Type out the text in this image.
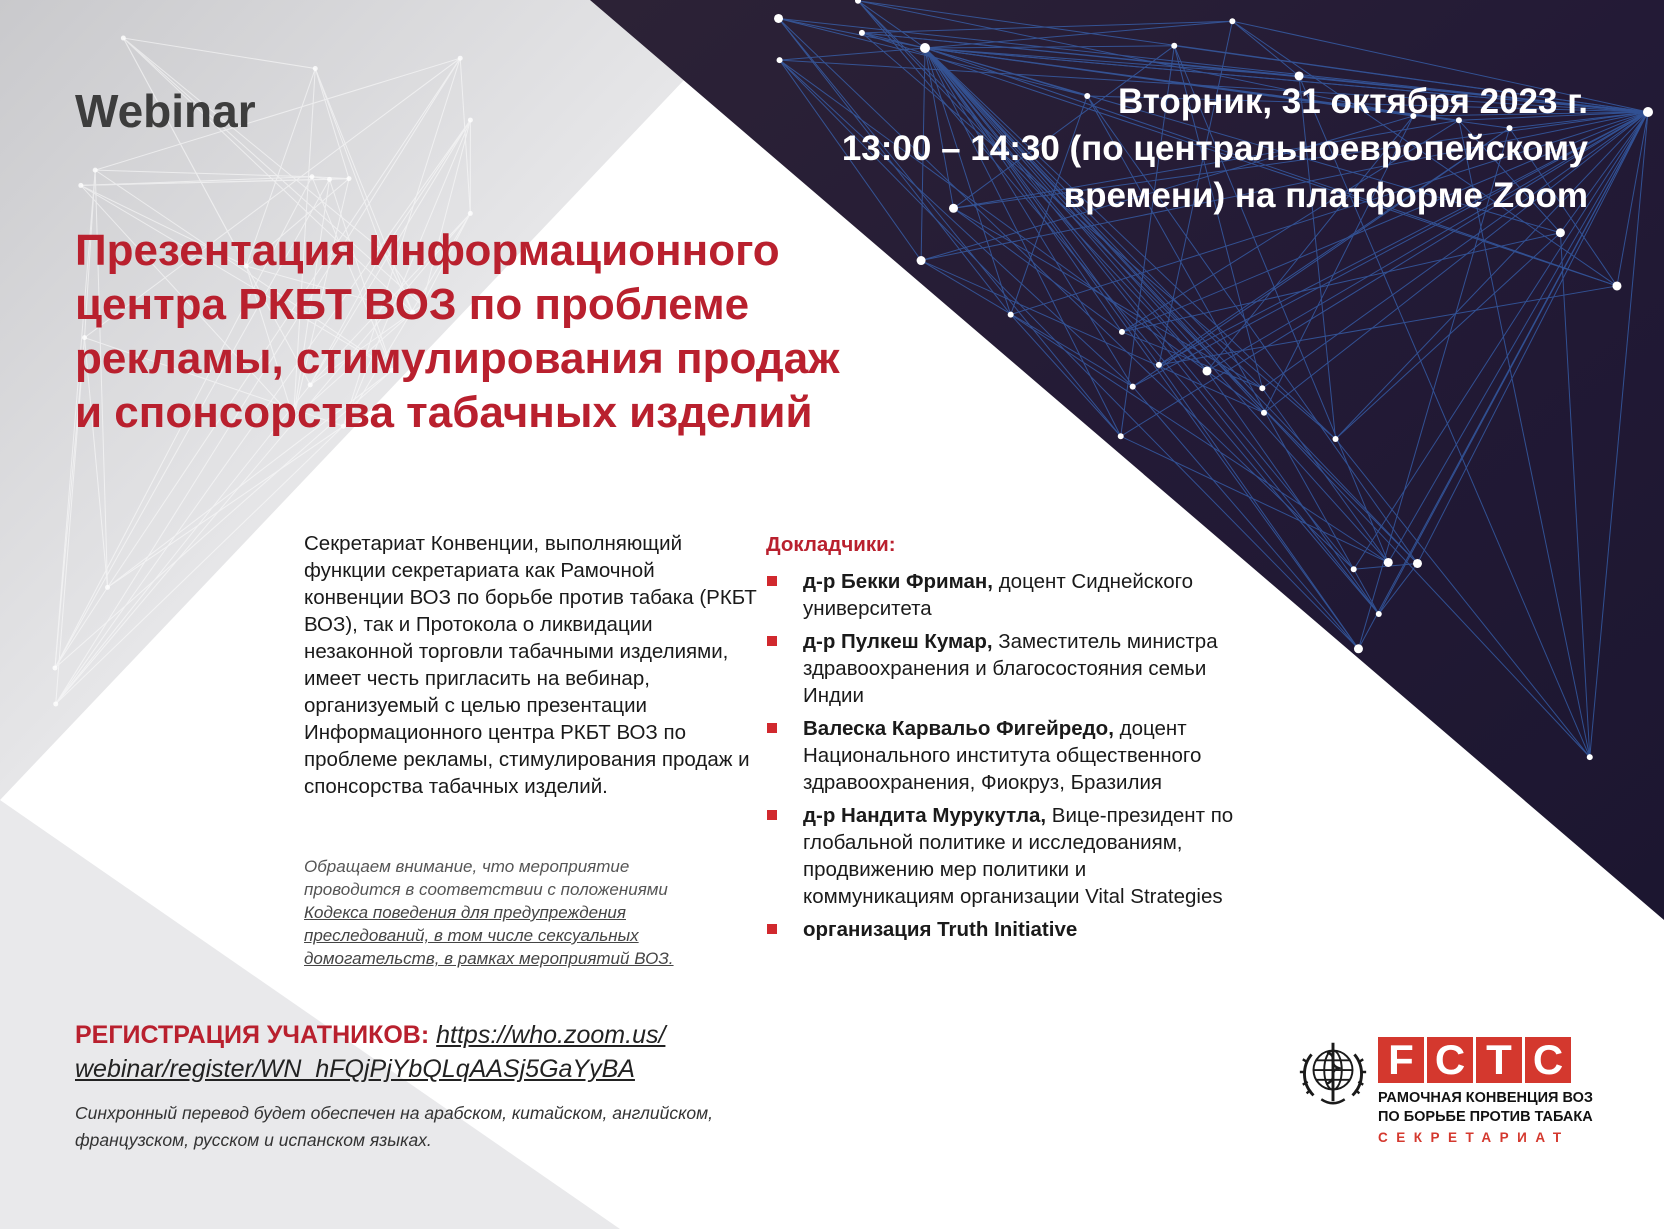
Webinar	Вторник, 31 октября 2023 г.
13:00 – 14:30 (по центральноевропейскому
времени) на платформе Zoom
Презентация Информационного центра РКБТ ВОЗ по проблеме рекламы, стимулирования продаж и спонсорства табачных изделий
Секретариат Конвенции, выполняющий функции секретариата как Рамочной конвенции ВОЗ по борьбе против табака (РКБТ ВОЗ), так и Протокола о ликвидации незаконной торговли табачными изделиями, имеет честь пригласить на вебинар, организуемый с целью презентации Информационного центра РКБТ ВОЗ по проблеме рекламы, стимулирования продаж и спонсорства табачных изделий.
Обращаем внимание, что мероприятие проводится в соответствии с положениями Кодекса поведения для предупреждения преследований, в том числе сексуальных домогательств, в рамках мероприятий ВОЗ.
Докладчики:
д-р Бекки Фриман, доцент Сиднейского университета
д-р Пулкеш Кумар, Заместитель министра здравоохранения и благосостояния семьи Индии
Валеска Карвальо Фигейредо, доцент Национального института общественного здравоохранения, Фиокруз, Бразилия
д-р Нандита Мурукутла, Вице-президент по глобальной политике и исследованиям, продвижению мер политики и коммуникациям организации Vital Strategies
организация Truth Initiative
РЕГИСТРАЦИЯ УЧАТНИКОВ: https://who.zoom.us/
webinar/register/WN_hFQjPjYbQLqAASj5GaYyBA
Синхронный перевод будет обеспечен на арабском, китайском, английском, французском, русском и испанском языках.
F C T C
РАМОЧНАЯ КОНВЕНЦИЯ ВОЗ
ПО БОРЬБЕ ПРОТИВ ТАБАКА
СЕКРЕТАРИАТ
